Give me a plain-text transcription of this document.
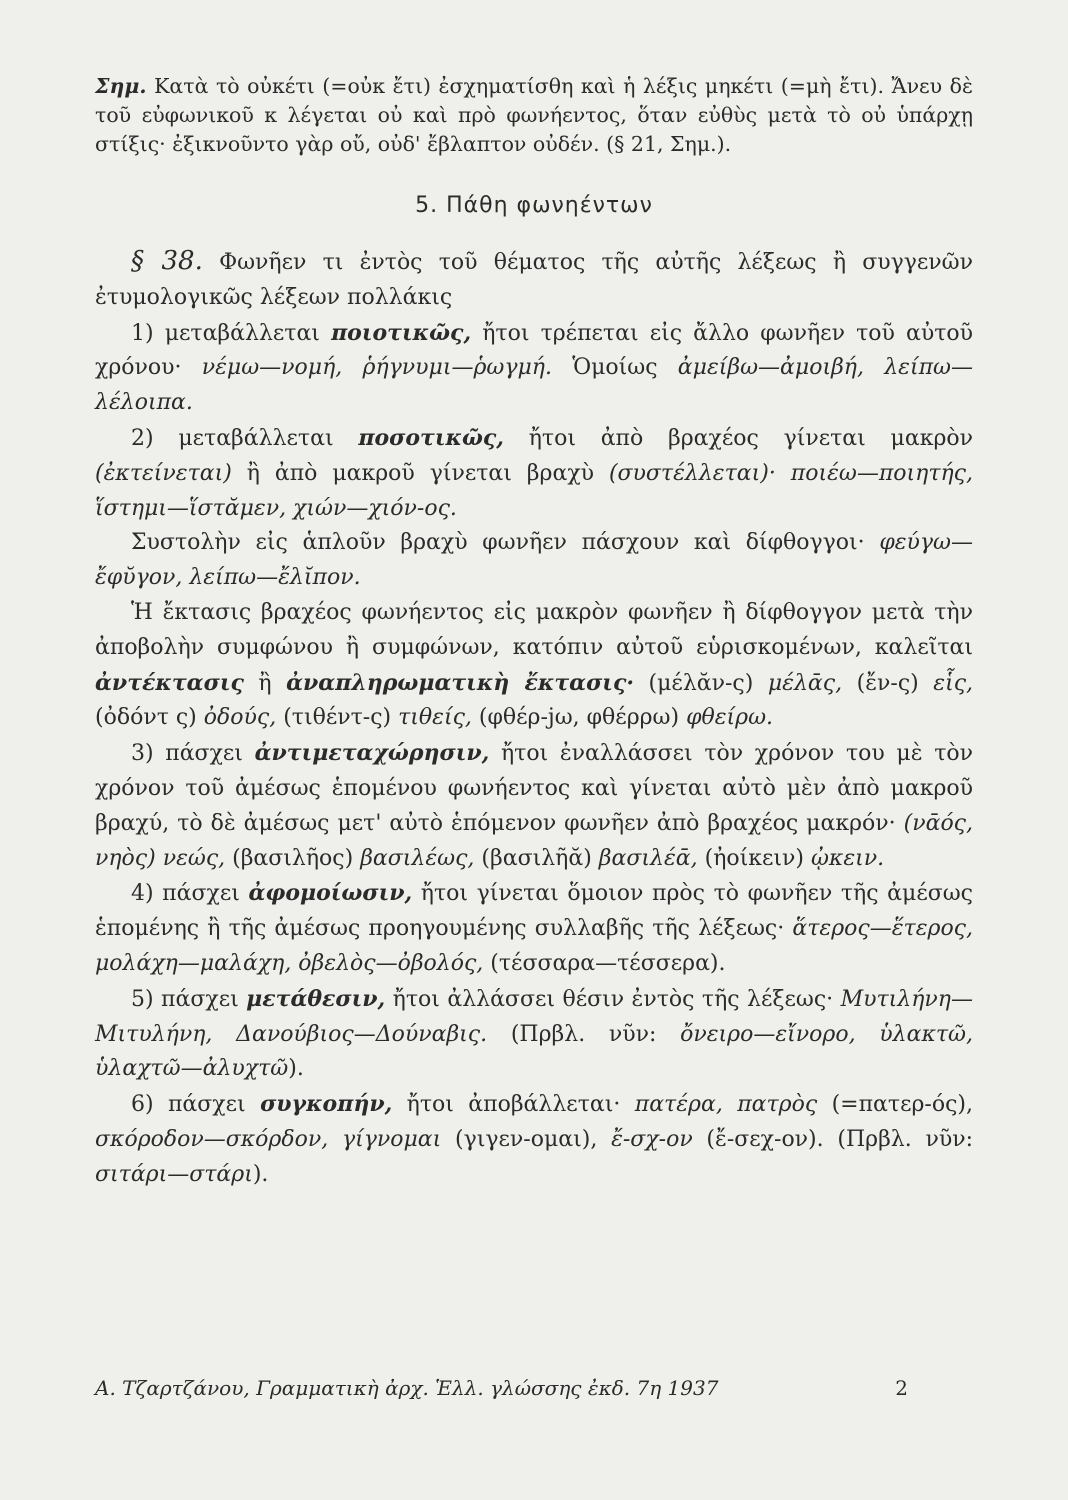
Σημ. Κατὰ τὸ οὐκέτι (=οὐκ ἔτι) ἐσχηματίσθη καὶ ἡ λέξις μηκέτι (=μὴ ἔτι). Ἄνευ δὲ τοῦ εὐφωνικοῦ κ λέγεται οὐ καὶ πρὸ φωνήεντος, ὅταν εὐθὺς μετὰ τὸ οὐ ὑπάρχῃ στίξις· ἐξικνοῦντο γὰρ οὔ, οὐδ' ἔβλαπτον οὐδέν. (§ 21, Σημ.).

5. Πάθη φωνηέντων

§ 38. Φωνῆεν τι ἐντὸς τοῦ θέματος τῆς αὐτῆς λέξεως ἢ συγγενῶν ἐτυμολογικῶς λέξεων πολλάκις

1) μεταβάλλεται ποιοτικῶς, ἤτοι τρέπεται εἰς ἄλλο φωνῆεν τοῦ αὐτοῦ χρόνου· νέμω—νομή, ῥήγνυμι—ῥωγμή. Ὁμοίως ἀμείβω—ἀμοιβή, λείπω—λέλοιπα.

2) μεταβάλλεται ποσοτικῶς, ἤτοι ἀπὸ βραχέος γίνεται μακρὸν (ἐκτείνεται) ἢ ἀπὸ μακροῦ γίνεται βραχὺ (συστέλλεται)· ποιέω—ποιητής, ἵστημι—ἵστᾰμεν, χιών—χιόν-ος.

Συστολὴν εἰς ἁπλοῦν βραχὺ φωνῆεν πάσχουν καὶ δίφθογγοι· φεύγω—ἔφῠγον, λείπω—ἔλῐπον.

Ἡ ἔκτασις βραχέος φωνήεντος εἰς μακρὸν φωνῆεν ἢ δίφθογγον μετὰ τὴν ἀποβολὴν συμφώνου ἢ συμφώνων, κατόπιν αὐτοῦ εὑρισκομένων, καλεῖται ἀντέκτασις ἢ ἀναπληρωματικὴ ἔκτασις· (μέλᾰν-ς) μέλᾱς, (ἔν-ς) εἷς, (ὀδόντ ς) ὀδούς, (τιθέντ-ς) τιθείς, (φθέρ-jω, φθέρρω) φθείρω.

3) πάσχει ἀντιμεταχώρησιν, ἤτοι ἐναλλάσσει τὸν χρόνον του μὲ τὸν χρόνον τοῦ ἀμέσως ἑπομένου φωνήεντος καὶ γίνεται αὐτὸ μὲν ἀπὸ μακροῦ βραχύ, τὸ δὲ ἀμέσως μετ' αὐτὸ ἑπόμενον φωνῆεν ἀπὸ βραχέος μακρόν· (νᾱός, νηὸς) νεώς, (βασιλῆος) βασιλέως, (βασιλῆᾰ) βασιλέᾱ, (ἠοίκειν) ᾠκειν.

4) πάσχει ἀφομοίωσιν, ἤτοι γίνεται ὅμοιον πρὸς τὸ φωνῆεν τῆς ἀμέσως ἑπομένης ἢ τῆς ἀμέσως προηγουμένης συλλαβῆς τῆς λέξεως· ἅτερος—ἕτερος, μολάχη—μαλάχη, ὀβελὸς—ὀβολός, (τέσσαρα—τέσσερα).

5) πάσχει μετάθεσιν, ἤτοι ἀλλάσσει θέσιν ἐντὸς τῆς λέξεως· Μυτιλήνη—Μιτυλήνη, Δανούβιος—Δούναβις. (Πρβλ. νῦν: ὄνειρο—εἴνορο, ὑλακτῶ, ὑλαχτῶ—ἀλυχτῶ).

6) πάσχει συγκοπήν, ἤτοι ἀποβάλλεται· πατέρα, πατρὸς (=πατερ-ός), σκόροδον—σκόρδον, γίγνομαι (γιγεν-ομαι), ἔ-σχ-ον (ἔ-σεχ-ον). (Πρβλ. νῦν: σιτάρι—στάρι).

Α. Τζαρτζάνου, Γραμματικὴ ἀρχ. Ἑλλ. γλώσσης ἐκδ. 7η 1937	2
